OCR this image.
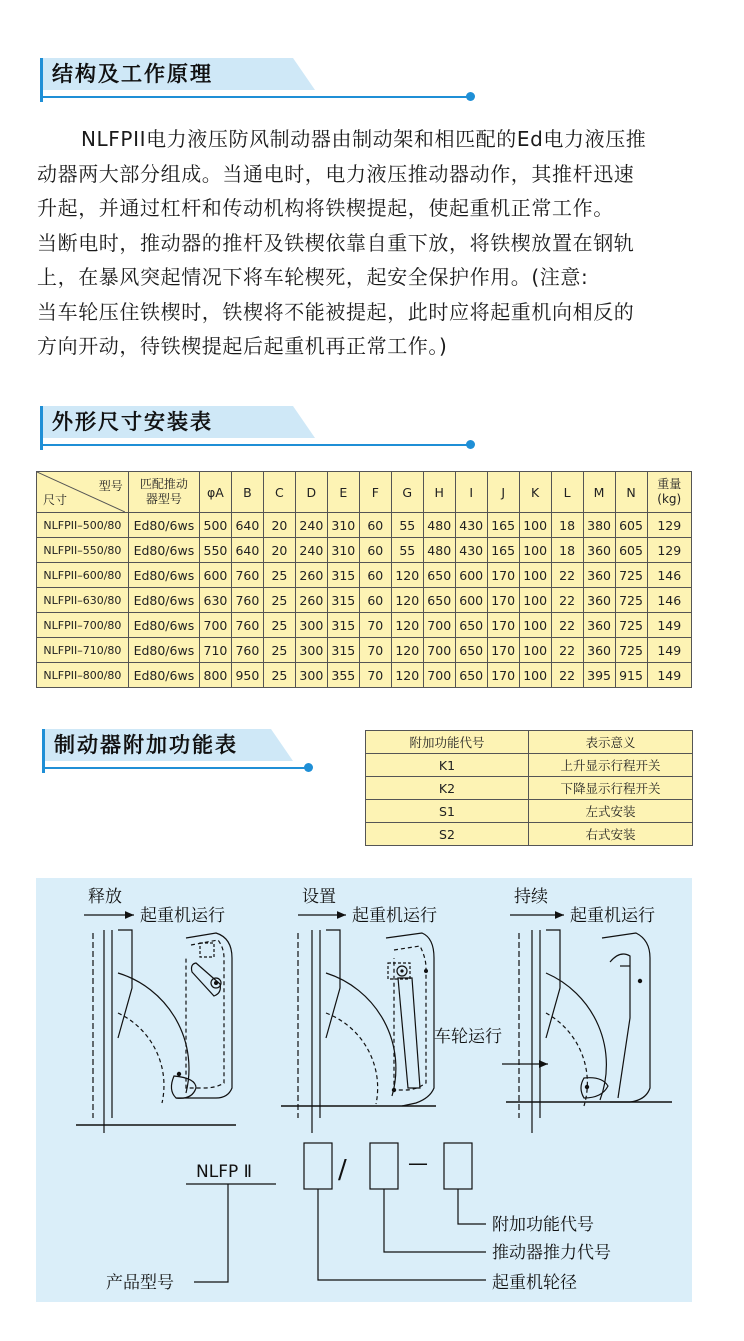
结构及工作原理

NLFPII电力液压防风制动器由制动架和相匹配的Ed电力液压推

动器两大部分组成。当通电时，电力液压推动器动作，其推杆迅速

升起，并通过杠杆和传动机构将铁楔提起，使起重机正常工作。

当断电时，推动器的推杆及铁楔依靠自重下放，将铁楔放置在钢轨

上，在暴风突起情况下将车轮楔死，起安全保护作用。(注意:

当车轮压住铁楔时，铁楔将不能被提起，此时应将起重机向相反的

方向开动，待铁楔提起后起重机再正常工作。)

外形尺寸安装表
型号
尺寸	匹配推动器型号	φA	B	C	D	E	F	G	H	I	J	K	L	M	N	重量(kg)
NLFPII–500/80	Ed80/6ws	500	640	20	240	310	60	55	480	430	165	100	18	380	605	129
NLFPII–550/80	Ed80/6ws	550	640	20	240	310	60	55	480	430	165	100	18	360	605	129
NLFPII–600/80	Ed80/6ws	600	760	25	260	315	60	120	650	600	170	100	22	360	725	146
NLFPII–630/80	Ed80/6ws	630	760	25	260	315	60	120	650	600	170	100	22	360	725	146
NLFPII–700/80	Ed80/6ws	700	760	25	300	315	70	120	700	650	170	100	22	360	725	149
NLFPII–710/80	Ed80/6ws	710	760	25	300	315	70	120	700	650	170	100	22	360	725	149
NLFPII–800/80	Ed80/6ws	800	950	25	300	355	70	120	700	650	170	100	22	395	915	149
制动器附加功能表	附加功能代号	表示意义
K1	上升显示行程开关
K2	下降显示行程开关
S1	左式安装
S2	右式安装
释放	设置	持续
起重机运行	起重机运行	起重机运行
车轮运行
NLFP Ⅱ	/	—
附加功能代号
推动器推力代号
起重机轮径
产品型号
